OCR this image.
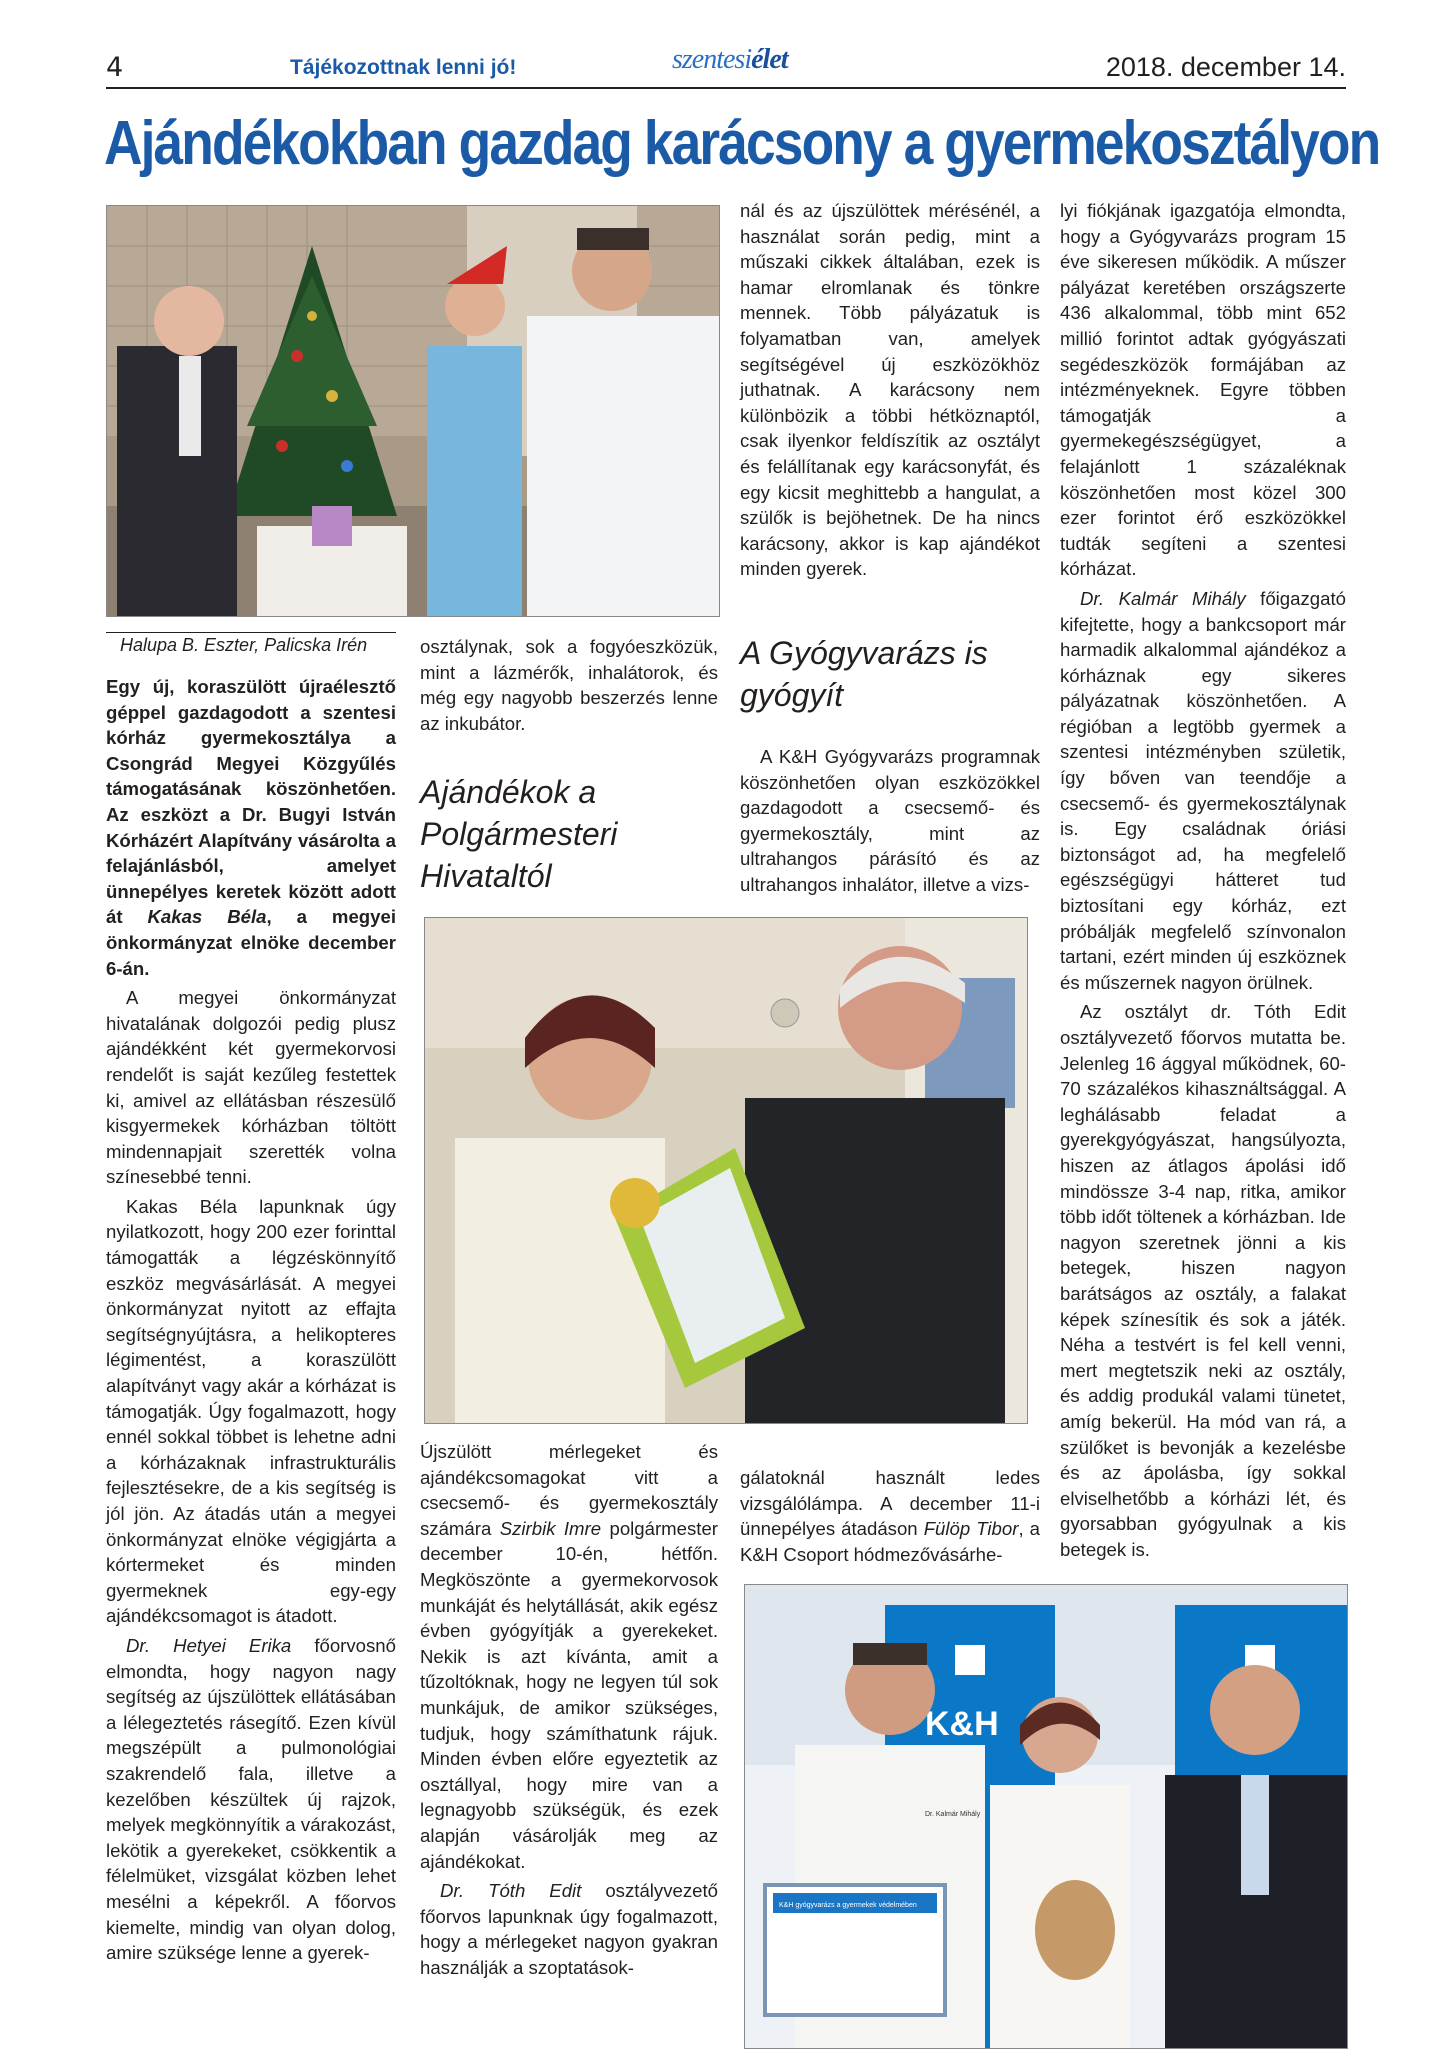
4	Tájékozottnak lenni jó!	szentesiélet	2018. december 14.
Ajándékokban gazdag karácsony a gyermekosztályon
Halupa B. Eszter, Palicska Irén

Egy új, koraszülött újraélesztő géppel gazdagodott a szentesi kórház gyermekosztálya a Csongrád Megyei Közgyűlés támogatásának köszönhetően. Az eszközt a Dr. Bugyi István Kórházért Alapítvány vásárolta a felajánlásból, amelyet ünnepélyes keretek között adott át Kakas Béla, a megyei önkormányzat elnöke december 6-án.

A megyei önkormányzat hivatalának dolgozói pedig plusz ajándékként két gyermekorvosi rendelőt is saját kezűleg festettek ki, amivel az ellátásban részesülő kisgyermekek kórházban töltött mindennapjait szerették volna színesebbé tenni.

Kakas Béla lapunknak úgy nyilatkozott, hogy 200 ezer forinttal támogatták a légzéskönnyítő eszköz megvásárlását. A megyei önkormányzat nyitott az effajta segítségnyújtásra, a helikopteres légimentést, a koraszülött alapítványt vagy akár a kórházat is támogatják. Úgy fogalmazott, hogy ennél sokkal többet is lehetne adni a kórházaknak infrastrukturális fejlesztésekre, de a kis segítség is jól jön. Az átadás után a megyei önkormányzat elnöke végigjárta a kórtermeket és minden gyermeknek egy-egy ajándékcsomagot is átadott.

Dr. Hetyei Erika főorvosnő elmondta, hogy nagyon nagy segítség az újszülöttek ellátásában a lélegeztetés rásegítő. Ezen kívül megszépült a pulmonológiai szakrendelő fala, illetve a kezelőben készültek új rajzok, melyek megkönnyítik a várakozást, lekötik a gyerekeket, csökkentik a félelmüket, vizsgálat közben lehet mesélni a képekről. A főorvos kiemelte, mindig van olyan dolog, amire szüksége lenne a gyerek-

osztálynak, sok a fogyóeszközük, mint a lázmérők, inhalátorok, és még egy nagyobb beszerzés lenne az inkubátor.

Ajándékok a Polgármesteri Hivataltól

Újszülött mérlegeket és ajándékcsomagokat vitt a csecsemő- és gyermekosztály számára Szirbik Imre polgármester december 10-én, hétfőn. Megköszönte a gyermekorvosok munkáját és helytállását, akik egész évben gyógyítják a gyerekeket. Nekik is azt kívánta, amit a tűzoltóknak, hogy ne legyen túl sok munkájuk, de amikor szükséges, tudjuk, hogy számíthatunk rájuk. Minden évben előre egyeztetik az osztállyal, hogy mire van a legnagyobb szükségük, és ezek alapján vásárolják meg az ajándékokat.

Dr. Tóth Edit osztályvezető főorvos lapunknak úgy fogalmazott, hogy a mérlegeket nagyon gyakran használják a szoptatások-

nál és az újszülöttek mérésénél, a használat során pedig, mint a műszaki cikkek általában, ezek is hamar elromlanak és tönkre mennek. Több pályázatuk is folyamatban van, amelyek segítségével új eszközökhöz juthatnak. A karácsony nem különbözik a többi hétköznaptól, csak ilyenkor feldíszítik az osztályt és felállítanak egy karácsonyfát, és egy kicsit meghittebb a hangulat, a szülők is bejöhetnek. De ha nincs karácsony, akkor is kap ajándékot minden gyerek.

A Gyógyvarázs is gyógyít

A K&H Gyógyvarázs programnak köszönhetően olyan eszközökkel gazdagodott a csecsemő- és gyermekosztály, mint az ultrahangos párásító és az ultrahangos inhalátor, illetve a vizs-

gálatoknál használt ledes vizsgálólámpa. A december 11-i ünnepélyes átadáson Fülöp Tibor, a K&H Csoport hódmezővásárhe-

lyi fiókjának igazgatója elmondta, hogy a Gyógyvarázs program 15 éve sikeresen működik. A műszer pályázat keretében országszerte 436 alkalommal, több mint 652 millió forintot adtak gyógyászati segédeszközök formájában az intézményeknek. Egyre többen támogatják a gyermekegészségügyet, a felajánlott 1 százaléknak köszönhetően most közel 300 ezer forintot érő eszközökkel tudták segíteni a szentesi kórházat.

Dr. Kalmár Mihály főigazgató kifejtette, hogy a bankcsoport már harmadik alkalommal ajándékoz a kórháznak egy sikeres pályázatnak köszönhetően. A régióban a legtöbb gyermek a szentesi intézményben születik, így bőven van teendője a csecsemő- és gyermekosztálynak is. Egy családnak óriási biztonságot ad, ha megfelelő egészségügyi hátteret tud biztosítani egy kórház, ezt próbálják megfelelő színvonalon tartani, ezért minden új eszköznek és műszernek nagyon örülnek.

Az osztályt dr. Tóth Edit osztályvezető főorvos mutatta be. Jelenleg 16 ággyal működnek, 60-70 százalékos kihasználtsággal. A leghálásabb feladat a gyerekgyógyászat, hangsúlyozta, hiszen az átlagos ápolási idő mindössze 3-4 nap, ritka, amikor több időt töltenek a kórházban. Ide nagyon szeretnek jönni a kis betegek, hiszen nagyon barátságos az osztály, a falakat képek színesítik és sok a játék. Néha a testvért is fel kell venni, mert megtetszik neki az osztály, és addig produkál valami tünetet, amíg bekerül. Ha mód van rá, a szülőket is bevonják a kezelésbe és az ápolásba, így sokkal elviselhetőbb a kórházi lét, és gyorsabban gyógyulnak a kis betegek is.

K&H
Dr. Kalmár Mihály
K&H gyógyvarázs a gyermekek védelmében
